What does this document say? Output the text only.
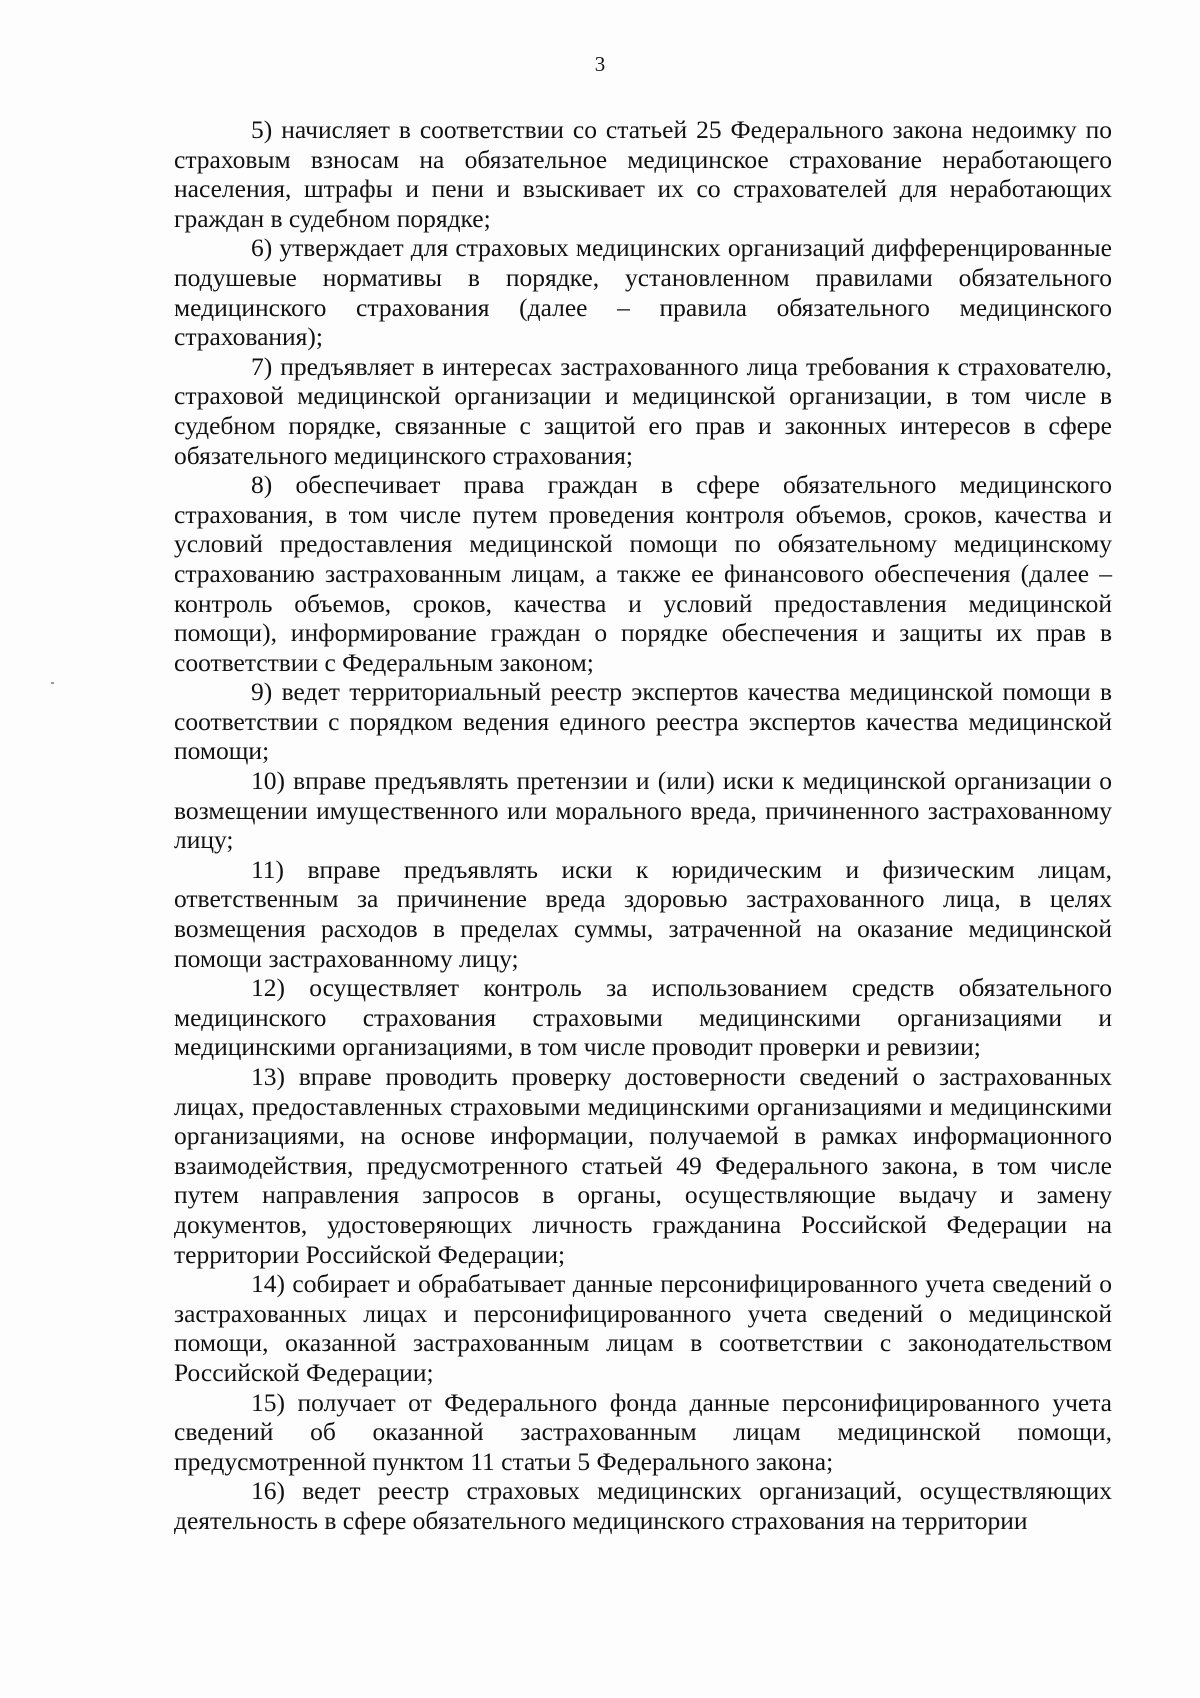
3

5) начисляет в соответствии со статьей 25 Федерального закона недоимку по страховым взносам на обязательное медицинское страхование неработающего населения, штрафы и пени и взыскивает их со страхователей для неработающих граждан в судебном порядке;

6) утверждает для страховых медицинских организаций дифференцированные подушевые нормативы в порядке, установленном правилами обязательного медицинского страхования (далее – правила обязательного медицинского страхования);

7) предъявляет в интересах застрахованного лица требования к страхователю, страховой медицинской организации и медицинской организации, в том числе в судебном порядке, связанные с защитой его прав и законных интересов в сфере обязательного медицинского страхования;

8) обеспечивает права граждан в сфере обязательного медицинского страхования, в том числе путем проведения контроля объемов, сроков, качества и условий предоставления медицинской помощи по обязательному медицинскому страхованию застрахованным лицам, а также ее финансового обеспечения (далее – контроль объемов, сроков, качества и условий предоставления медицинской помощи), информирование граждан о порядке обеспечения и защиты их прав в соответствии с Федеральным законом;

9) ведет территориальный реестр экспертов качества медицинской помощи в соответствии с порядком ведения единого реестра экспертов качества медицинской помощи;

10) вправе предъявлять претензии и (или) иски к медицинской организации о возмещении имущественного или морального вреда, причиненного застрахованному лицу;

11) вправе предъявлять иски к юридическим и физическим лицам, ответственным за причинение вреда здоровью застрахованного лица, в целях возмещения расходов в пределах суммы, затраченной на оказание медицинской помощи застрахованному лицу;

12) осуществляет контроль за использованием средств обязательного медицинского страхования страховыми медицинскими организациями и медицинскими организациями, в том числе проводит проверки и ревизии;

13) вправе проводить проверку достоверности сведений о застрахованных лицах, предоставленных страховыми медицинскими организациями и медицинскими организациями, на основе информации, получаемой в рамках информационного взаимодействия, предусмотренного статьей 49 Федерального закона, в том числе путем направления запросов в органы, осуществляющие выдачу и замену документов, удостоверяющих личность гражданина Российской Федерации на территории Российской Федерации;

14) собирает и обрабатывает данные персонифицированного учета сведений о застрахованных лицах и персонифицированного учета сведений о медицинской помощи, оказанной застрахованным лицам в соответствии с законодательством Российской Федерации;

15) получает от Федерального фонда данные персонифицированного учета сведений об оказанной застрахованным лицам медицинской помощи, предусмотренной пунктом 11 статьи 5 Федерального закона;

16) ведет реестр страховых медицинских организаций, осуществляющих деятельность в сфере обязательного медицинского страхования на территории
